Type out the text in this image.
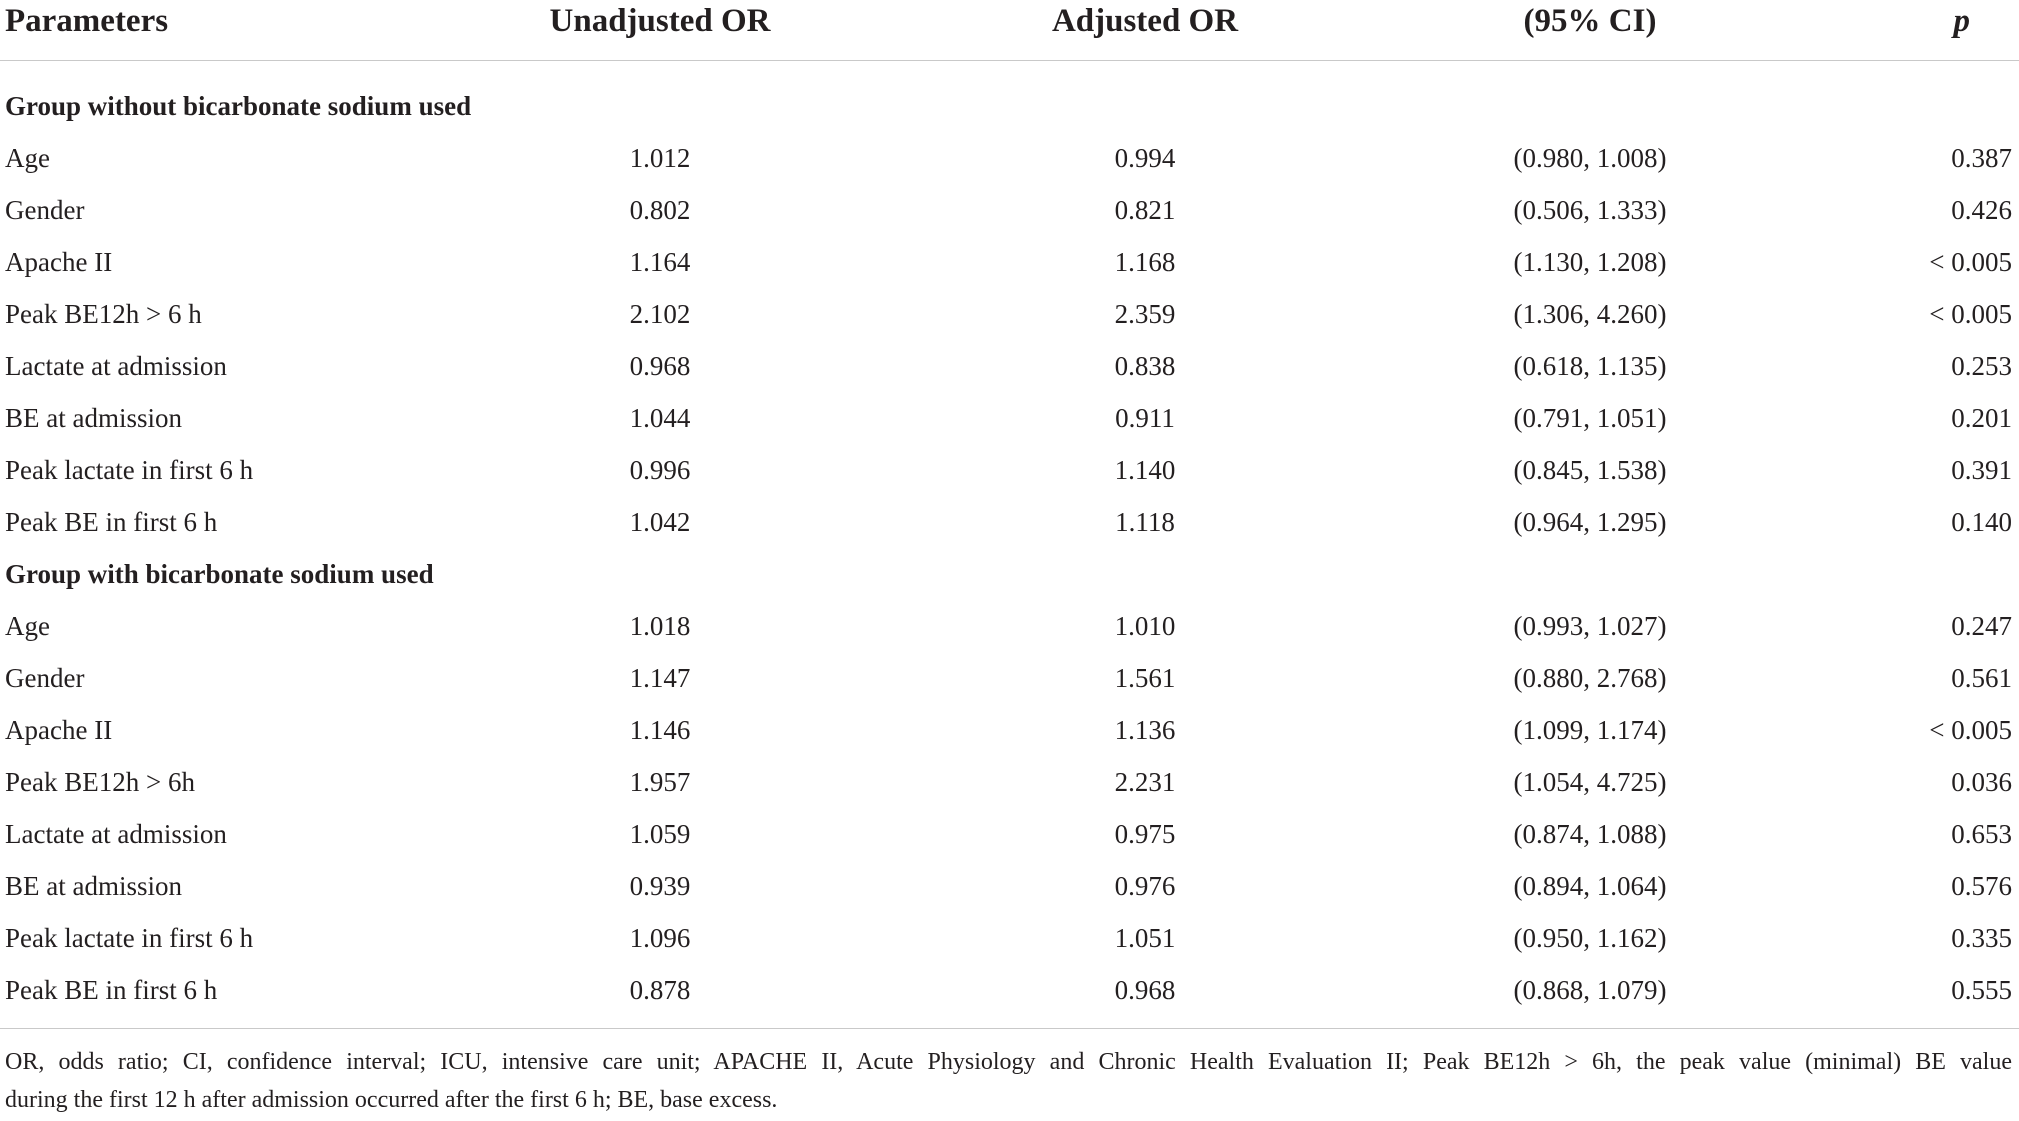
Parameters	Unadjusted OR	Adjusted OR	(95% CI)	p
Group without bicarbonate sodium used
Age	1.012	0.994	(0.980, 1.008)	0.387
Gender	0.802	0.821	(0.506, 1.333)	0.426
Apache II	1.164	1.168	(1.130, 1.208)	< 0.005
Peak BE12h > 6 h	2.102	2.359	(1.306, 4.260)	< 0.005
Lactate at admission	0.968	0.838	(0.618, 1.135)	0.253
BE at admission	1.044	0.911	(0.791, 1.051)	0.201
Peak lactate in first 6 h	0.996	1.140	(0.845, 1.538)	0.391
Peak BE in first 6 h	1.042	1.118	(0.964, 1.295)	0.140
Group with bicarbonate sodium used
Age	1.018	1.010	(0.993, 1.027)	0.247
Gender	1.147	1.561	(0.880, 2.768)	0.561
Apache II	1.146	1.136	(1.099, 1.174)	< 0.005
Peak BE12h > 6h	1.957	2.231	(1.054, 4.725)	0.036
Lactate at admission	1.059	0.975	(0.874, 1.088)	0.653
BE at admission	0.939	0.976	(0.894, 1.064)	0.576
Peak lactate in first 6 h	1.096	1.051	(0.950, 1.162)	0.335
Peak BE in first 6 h	0.878	0.968	(0.868, 1.079)	0.555
OR, odds ratio; CI, confidence interval; ICU, intensive care unit; APACHE II, Acute Physiology and Chronic Health Evaluation II; Peak BE12h > 6h, the peak value (minimal) BE value
during the first 12 h after admission occurred after the first 6 h; BE, base excess.
